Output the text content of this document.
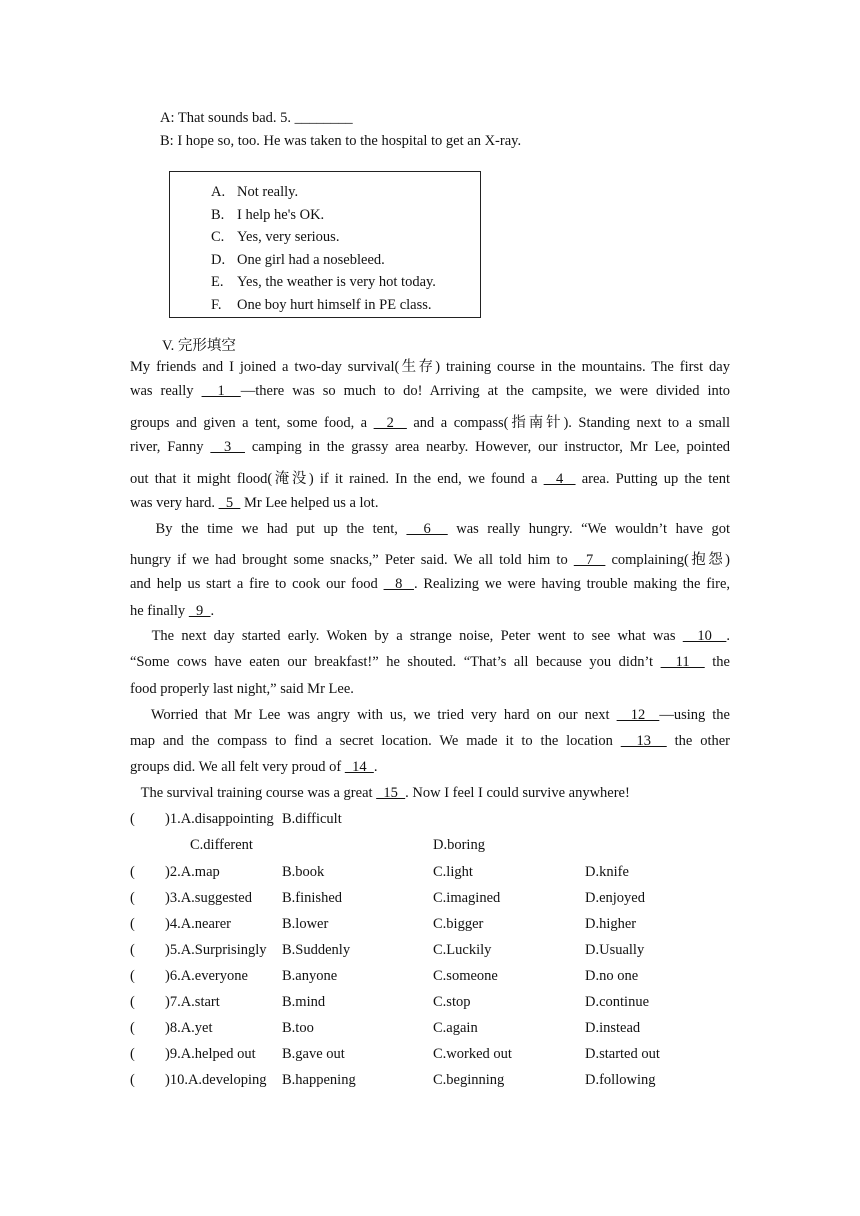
A: That sounds bad. 5. ________
B: I hope so, too. He was taken to the hospital to get an X-ray.
A. Not really.
B. I help he's OK.
C. Yes, very serious.
D. One girl had a nosebleed.
E. Yes, the weather is very hot today.
F. One boy hurt himself in PE class.
V. 完形填空
My friends and I joined a two-day survival(生存) training course in the mountains. The first day
was really   1  —there was so much to do! Arriving at the campsite, we were divided into
groups and given a tent, some food, a   2   and a compass(指南针). Standing next to a small
river, Fanny   3   camping in the grassy area nearby. However, our instructor, Mr Lee, pointed
out that it might flood(淹没) if it rained. In the end, we found a   4   area. Putting up the tent
was very hard.   5   Mr Lee helped us a lot.
By the time we had put up the tent,   6   was really hungry. “We wouldn’t have got
hungry if we had brought some snacks,” Peter said. We all told him to   7   complaining(抱怨)
and help us start a fire to cook our food   8  . Realizing we were having trouble making the fire,
he finally   9  .
The next day started early. Woken by a strange noise, Peter went to see what was   10  .
“Some cows have eaten our breakfast!” he shouted. “That’s all because you didn’t   11   the
food properly last night,” said Mr Lee.
Worried that Mr Lee was angry with us, we tried very hard on our next   12  —using the
map and the compass to find a secret location. We made it to the location   13   the other
groups did. We all felt very proud of   14  .
The survival training course was a great   15  . Now I feel I could survive anywhere!
( )1.A.disappointing B.difficult
C.different	D.boring
( )2.A.map	B.book	C.light	D.knife
( )3.A.suggested B.finished	C.imagined	D.enjoyed
( )4.A.nearer	B.lower	C.bigger	D.higher
( )5.A.Surprisingly B.Suddenly	C.Luckily	D.Usually
( )6.A.everyone B.anyone	C.someone	D.no one
( )7.A.start	B.mind	C.stop	D.continue
( )8.A.yet	B.too	C.again	D.instead
( )9.A.helped out B.gave out	C.worked out	D.started out
( )10.A.developing B.happening	C.beginning	D.following
